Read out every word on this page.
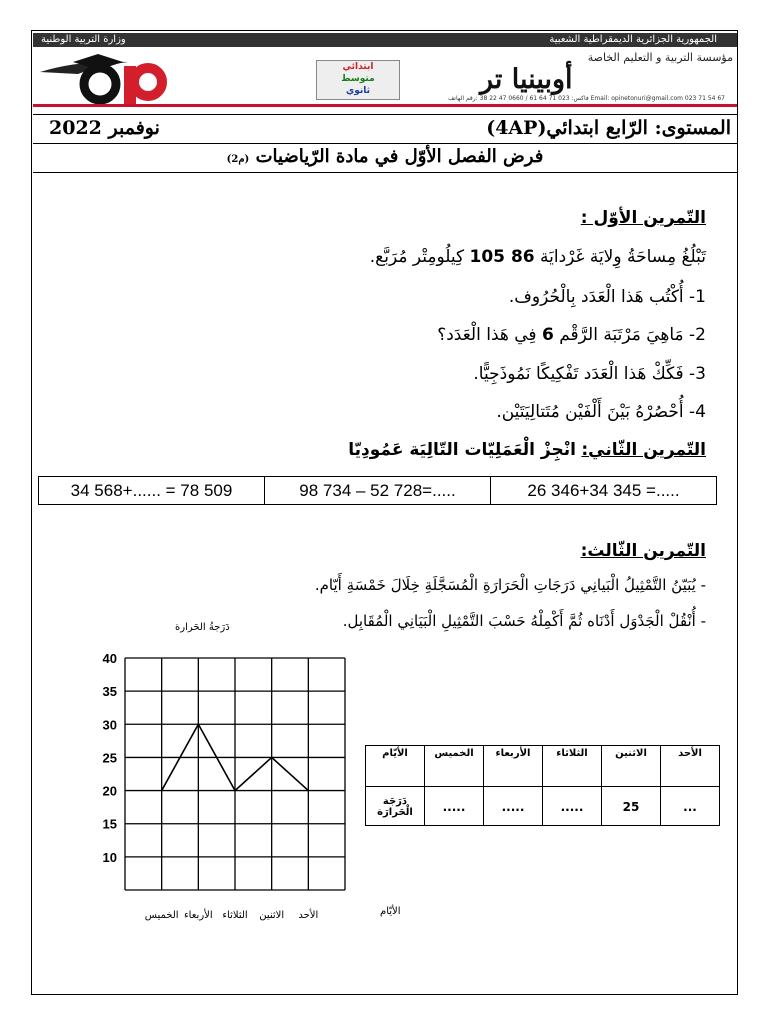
وزارة التربية الوطنية	الجمهورية الجزائرية الديمقراطية الشعبية
مؤسسة التربية و التعليم الخاصة
ابتدائي
متوسط
ثانوي	أوبينيا تر
Email: opinetonuri@gmail.com 023 71 54 67 فاكس: 023 71 64 61 / 0660 47 22 38 :رقم الهاتف
المستوى: الرّابع ابتدائي(4AP)
نوفمبر 2022
فرض الفصل الأوّل في مادة الرّياضيات (م2)
التّمرين الأوّل :
تَبْلُغُ مِساحَةُ وِلايَة غَرْدايَة 86 105 كِيلُومِتْر مُرَبَّع.
1- أُكْتُب هَذا الْعَدَد بِالْحُرُوف.
2- مَاهِيَ مَرْتَبَة الرَّقْم 6 فِي هَذا الْعَدَد؟
3- فَكِّكْ هَذا الْعَدَد تَفْكِيكًا نَمُوذَجِيًّا.
4- أُحْصُرْهُ بَيْنَ أَلْفَيْن مُتَتالِيَتَيْن.
التّمرين الثّاني: انْجِزْ الْعَمَلِيّات التّالِيَة عَمُودِيّا
34 568+...... = 78 509	98 734 – 52 728=.....	26 346+34 345 =.....
التّمرين الثّالث:
- يُبَيّنُ التَّمْثِيلُ الْبَيانِي دَرَجَاتِ الْحَرَارَةِ الْمُسَجَّلَةِ خِلَالَ خَمْسَةِ أَيّام.
- أُنْقُلْ الْجَدْوَل أَدْنَاه ثُمَّ أَكْمِلْهُ حَسْبَ التَّمْثِيلِ الْبَيَانِي الْمُقَابِل.
دَرَجةُ الحَرارة
10
15
20
25
30
35
40
الأحد
الاثنين
الثلاثاء
الأربعاء
الخميس	الأيّام
الأحد	الاثنين	الثلاثاء	الأربعاء	الخميس	الأيّام
...	25	.....	.....	.....	دَرَجَة الْحَرارَة
